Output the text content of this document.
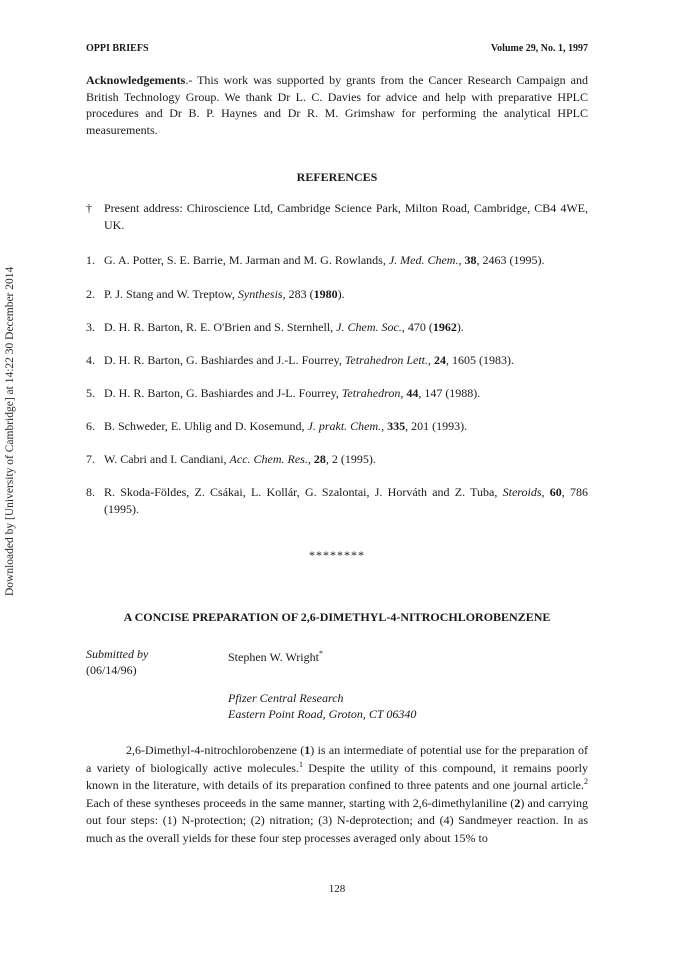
OPPI BRIEFS	Volume 29, No. 1, 1997
Acknowledgements.- This work was supported by grants from the Cancer Research Campaign and British Technology Group. We thank Dr L. C. Davies for advice and help with preparative HPLC procedures and Dr B. P. Haynes and Dr R. M. Grimshaw for performing the analytical HPLC measurements.
REFERENCES
†	Present address: Chiroscience Ltd, Cambridge Science Park, Milton Road, Cambridge, CB4 4WE, UK.
1. G. A. Potter, S. E. Barrie, M. Jarman and M. G. Rowlands, J. Med. Chem., 38, 2463 (1995).
2. P. J. Stang and W. Treptow, Synthesis, 283 (1980).
3. D. H. R. Barton, R. E. O'Brien and S. Sternhell, J. Chem. Soc., 470 (1962).
4. D. H. R. Barton, G. Bashiardes and J.-L. Fourrey, Tetrahedron Lett., 24, 1605 (1983).
5. D. H. R. Barton, G. Bashiardes and J-L. Fourrey, Tetrahedron, 44, 147 (1988).
6. B. Schweder, E. Uhlig and D. Kosemund, J. prakt. Chem., 335, 201 (1993).
7. W. Cabri and I. Candiani, Acc. Chem. Res., 28, 2 (1995).
8. R. Skoda-Földes, Z. Csákai, L. Kollár, G. Szalontai, J. Horváth and Z. Tuba, Steroids, 60, 786 (1995).
Downloaded by [University of Cambridge] at 14:22 30 December 2014	********
A CONCISE PREPARATION OF 2,6-DIMETHYL-4-NITROCHLOROBENZENE
Submitted by
(06/14/96)
Stephen W. Wright*
Pfizer Central Research
Eastern Point Road, Groton, CT 06340
2,6-Dimethyl-4-nitrochlorobenzene (1) is an intermediate of potential use for the preparation of a variety of biologically active molecules.$^1$ Despite the utility of this compound, it remains poorly known in the literature, with details of its preparation confined to three patents and one journal article.$^2$ Each of these syntheses proceeds in the same manner, starting with 2,6-dimethylaniline (2) and carrying out four steps: (1) N-protection; (2) nitration; (3) N-deprotection; and (4) Sandmeyer reaction. In as much as the overall yields for these four step processes averaged only about 15% to
128
